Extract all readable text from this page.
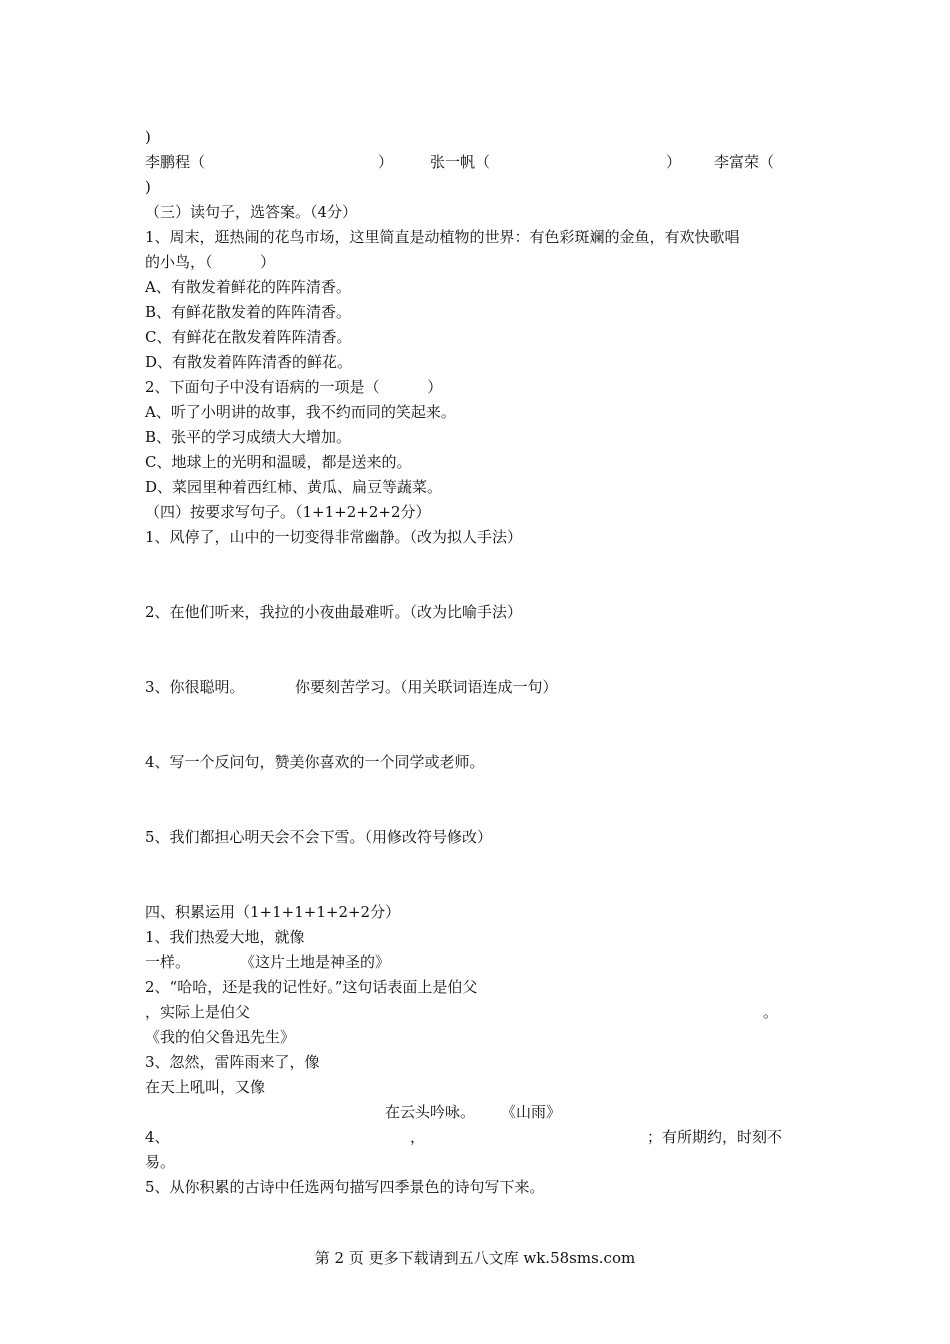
)

李鹏程（

	）

张一帆（

	）

李富荣（

)
（三）读句子，选答案。（4分）
1、周末，逛热闹的花鸟市场，这里简直是动植物的世界：有色彩斑斓的金鱼，有欢快歌唱
的小鸟，（          ）
A、有散发着鲜花的阵阵清香。
B、有鲜花散发着的阵阵清香。
C、有鲜花在散发着阵阵清香。
D、有散发着阵阵清香的鲜花。
2、下面句子中没有语病的一项是（          ）
A、听了小明讲的故事，我不约而同的笑起来。
B、张平的学习成绩大大增加。
C、地球上的光明和温暖，都是送来的。
D、菜园里种着西红柿、黄瓜、扁豆等蔬菜。
（四）按要求写句子。（1+1+2+2+2分）
1、风停了，山中的一切变得非常幽静。（改为拟人手法）
2、在他们听来，我拉的小夜曲最难听。（改为比喻手法）

3、你很聪明。

	你要刻苦学习。（用关联词语连成一句）

4、写一个反问句，赞美你喜欢的一个同学或老师。
5、我们都担心明天会不会下雪。（用修改符号修改）
四、积累运用（1+1+1+1+2+2分）
1、我们热爱大地，就像

一样。

	《这片土地是神圣的》

2、“哈哈，还是我的记性好。”这句话表面上是伯父

，实际上是伯父

	。

《我的伯父鲁迅先生》
3、忽然，雷阵雨来了，像
在天上吼叫，又像

在云头吟咏。

《山雨》

4、

	，

	；有所期约，时刻不

易。
5、从你积累的古诗中任选两句描写四季景色的诗句写下来。
第 2 页 更多下载请到五八文库 wk.58sms.com
